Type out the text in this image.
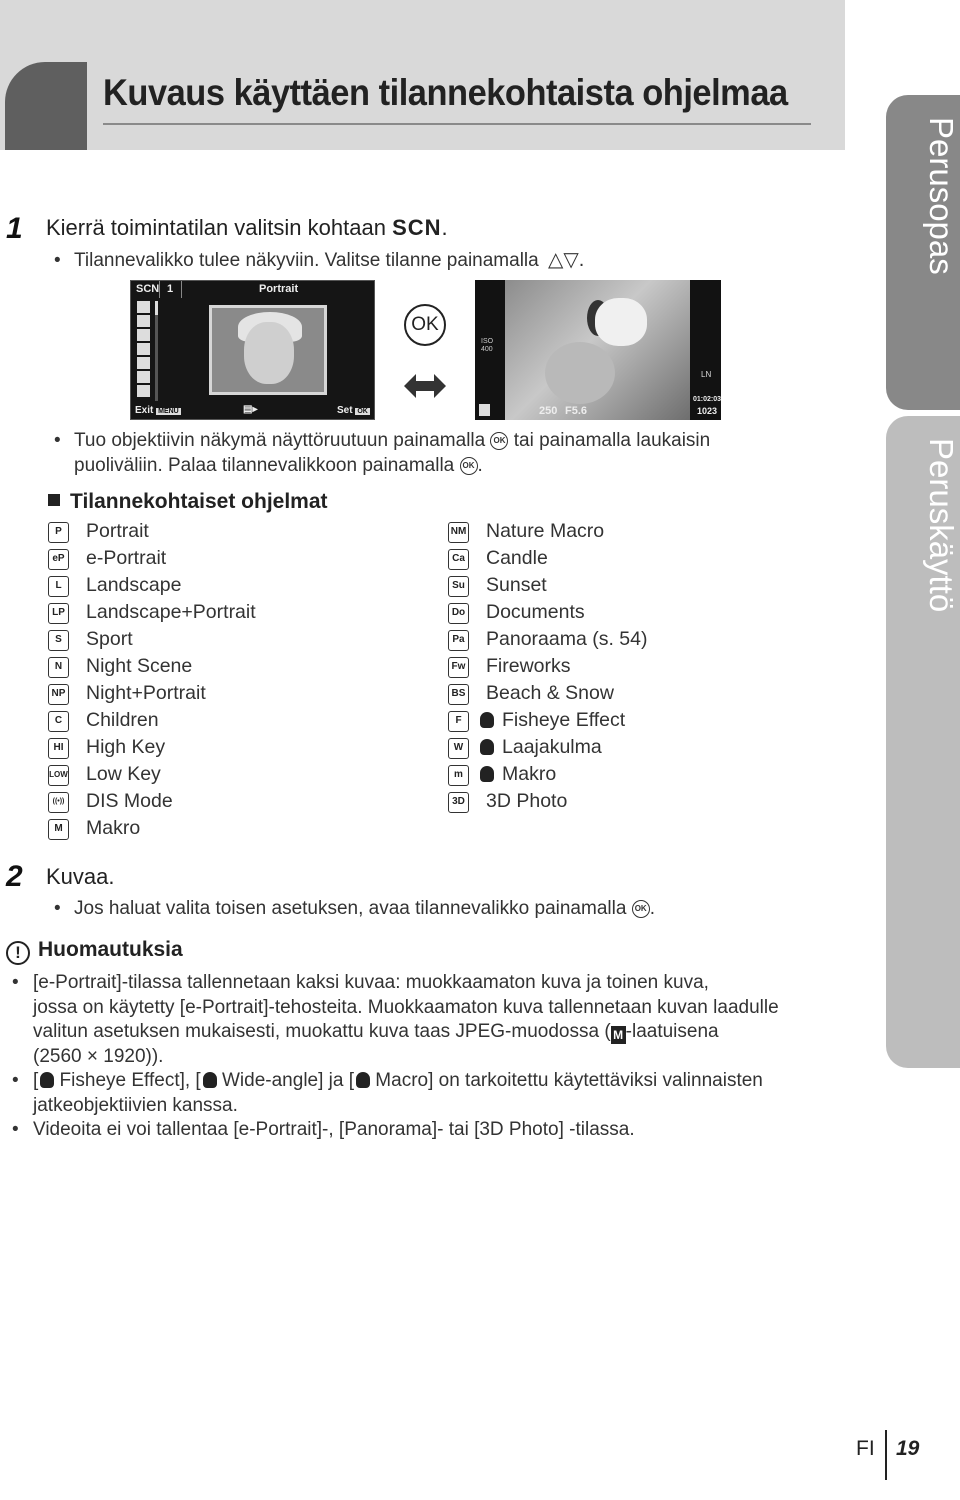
Kuvaus käyttäen tilannekohtaista ohjelmaa
Perusopas
Peruskäyttö
1 Kierrä toimintatilan valitsin kohtaan SCN.
• Tilannevalikko tulee näkyviin. Valitse tilanne painamalla △▽.
SCN 1	Portrait
Exit MENU	▤▸	Set OK
OK
ISO
400
LN
250 F5.6
01:02:03
1023
• Tuo objektiivin näkymä näyttöruutuun painamalla OK tai painamalla laukaisin
puoliväliin. Palaa tilannevalikkoon painamalla OK .
Tilannekohtaiset ohjelmat
P	Portrait
eP e-Portrait
L	Landscape
LP Landscape+Portrait
S	Sport
N	Night Scene
NP Night+Portrait
C	Children
HI High Key
LOW Low Key
((•)) DIS Mode
M	Makro
NM Nature Macro
Ca Candle
Su Sunset
Do Documents
Pa Panoraama (s. 54)
Fw Fireworks
BS Beach & Snow
F	Fisheye Effect
W	Laajakulma
m	Makro
3D 3D Photo
2 Kuvaa.
• Jos haluat valita toisen asetuksen, avaa tilannevalikko painamalla OK .
! Huomautuksia
• [e-Portrait]-tilassa tallennetaan kaksi kuvaa: muokkaamaton kuva ja toinen kuva,
jossa on käytetty [e-Portrait]-tehosteita. Muokkaamaton kuva tallennetaan kuvan laadulle
valitun asetuksen mukaisesti, muokattu kuva taas JPEG-muodossa ( M -laatuisena
(2560 × 1920)).
• [ Fisheye Effect], [ Wide-angle] ja [ Macro] on tarkoitettu käytettäviksi valinnaisten
jatkeobjektiivien kanssa.
• Videoita ei voi tallentaa [e-Portrait]-, [Panorama]- tai [3D Photo] -tilassa.
FI 19
